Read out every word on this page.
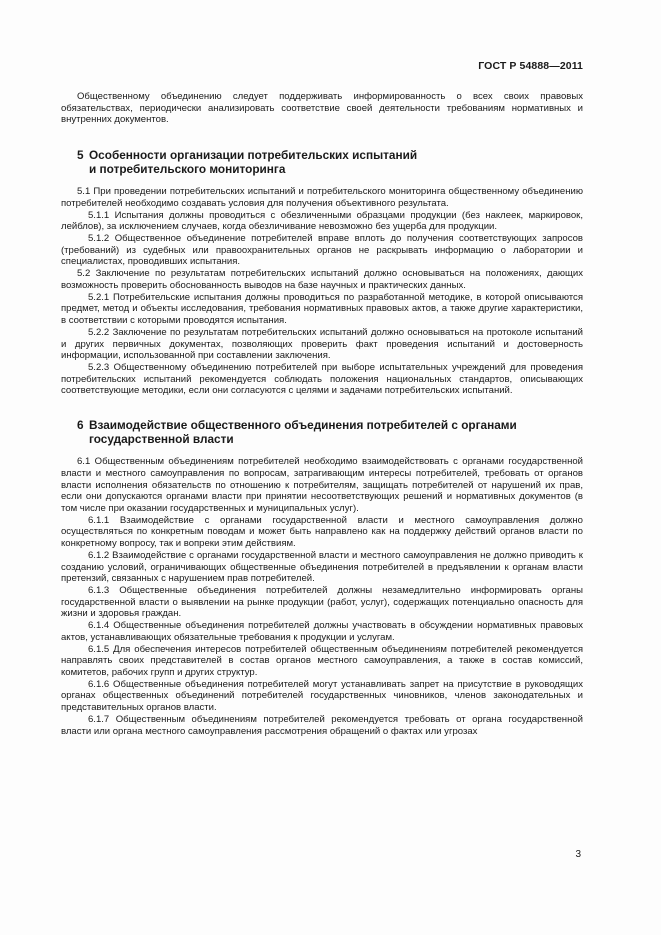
ГОСТ Р 54888—2011

Общественному объединению следует поддерживать информированность о всех своих правовых обязательствах, периодически анализировать соответствие своей деятельности требованиям нормативных и внутренних документов.

5 Особенности организации потребительских испытаний
и потребительского мониторинга

5.1 При проведении потребительских испытаний и потребительского мониторинга общественному объединению потребителей необходимо создавать условия для получения объективного результата.

5.1.1 Испытания должны проводиться с обезличенными образцами продукции (без наклеек, маркировок, лейблов), за исключением случаев, когда обезличивание невозможно без ущерба для продукции.

5.1.2 Общественное объединение потребителей вправе вплоть до получения соответствующих запросов (требований) из судебных или правоохранительных органов не раскрывать информацию о лаборатории и специалистах, проводивших испытания.

5.2 Заключение по результатам потребительских испытаний должно основываться на положениях, дающих возможность проверить обоснованность выводов на базе научных и практических данных.

5.2.1 Потребительские испытания должны проводиться по разработанной методике, в которой описываются предмет, метод и объекты исследования, требования нормативных правовых актов, а также другие характеристики, в соответствии с которыми проводятся испытания.

5.2.2 Заключение по результатам потребительских испытаний должно основываться на протоколе испытаний и других первичных документах, позволяющих проверить факт проведения испытаний и достоверность информации, использованной при составлении заключения.

5.2.3 Общественному объединению потребителей при выборе испытательных учреждений для проведения потребительских испытаний рекомендуется соблюдать положения национальных стандартов, описывающих соответствующие методики, если они согласуются с целями и задачами потребительских испытаний.

6 Взаимодействие общественного объединения потребителей с органами
государственной власти

6.1 Общественным объединениям потребителей необходимо взаимодействовать с органами государственной власти и местного самоуправления по вопросам, затрагивающим интересы потребителей, требовать от органов власти исполнения обязательств по отношению к потребителям, защищать потребителей от нарушений их прав, если они допускаются органами власти при принятии несоответствующих решений и нормативных документов (в том числе при оказании государственных и муниципальных услуг).

6.1.1 Взаимодействие с органами государственной власти и местного самоуправления должно осуществляться по конкретным поводам и может быть направлено как на поддержку действий органов власти по конкретному вопросу, так и вопреки этим действиям.

6.1.2 Взаимодействие с органами государственной власти и местного самоуправления не должно приводить к созданию условий, ограничивающих общественные объединения потребителей в предъявлении к органам власти претензий, связанных с нарушением прав потребителей.

6.1.3 Общественные объединения потребителей должны незамедлительно информировать органы государственной власти о выявлении на рынке продукции (работ, услуг), содержащих потенциально опасность для жизни и здоровья граждан.

6.1.4 Общественные объединения потребителей должны участвовать в обсуждении нормативных правовых актов, устанавливающих обязательные требования к продукции и услугам.

6.1.5 Для обеспечения интересов потребителей общественным объединениям потребителей рекомендуется направлять своих представителей в состав органов местного самоуправления, а также в состав комиссий, комитетов, рабочих групп и других структур.

6.1.6 Общественные объединения потребителей могут устанавливать запрет на присутствие в руководящих органах общественных объединений потребителей государственных чиновников, членов законодательных и представительных органов власти.

6.1.7 Общественным объединениям потребителей рекомендуется требовать от органа государственной власти или органа местного самоуправления рассмотрения обращений о фактах или угрозах

3
